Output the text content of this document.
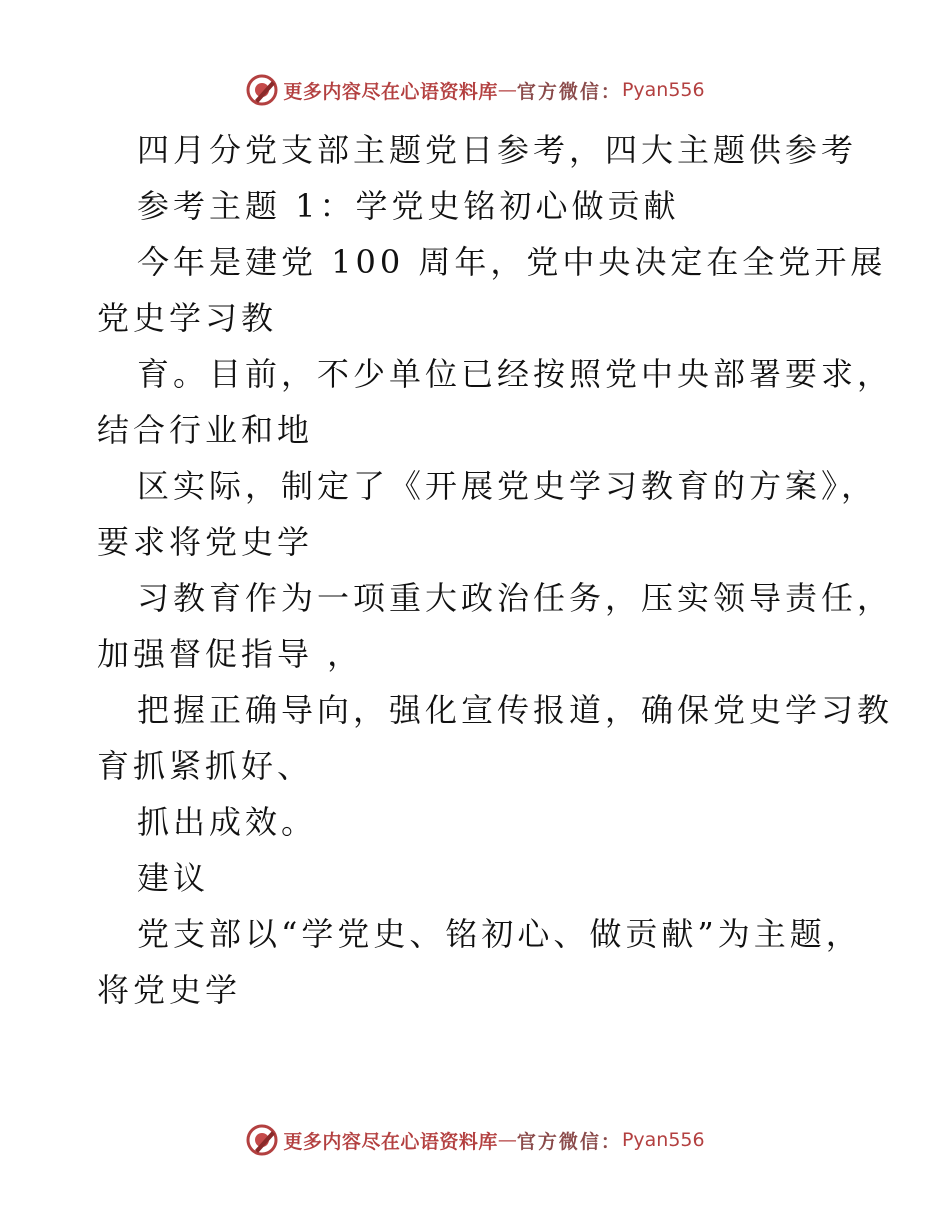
更多内容尽在心语资料库 — 官方微信： Pyan556
四月分党支部主题党日参考，四大主题供参考
参考主题 1：学党史铭初心做贡献
今年是建党 100 周年，党中央决定在全党开展
党史学习教
育。目前，不少单位已经按照党中央部署要求，
结合行业和地
区实际，制定了《开展党史学习教育的方案》，
要求将党史学
习教育作为一项重大政治任务，压实领导责任，
加强督促指导 ，
把握正确导向，强化宣传报道，确保党史学习教
育抓紧抓好、
抓出成效。
建议
党支部以“学党史、铭初心、做贡献”为主题，
将党史学
更多内容尽在心语资料库 — 官方微信： Pyan556
